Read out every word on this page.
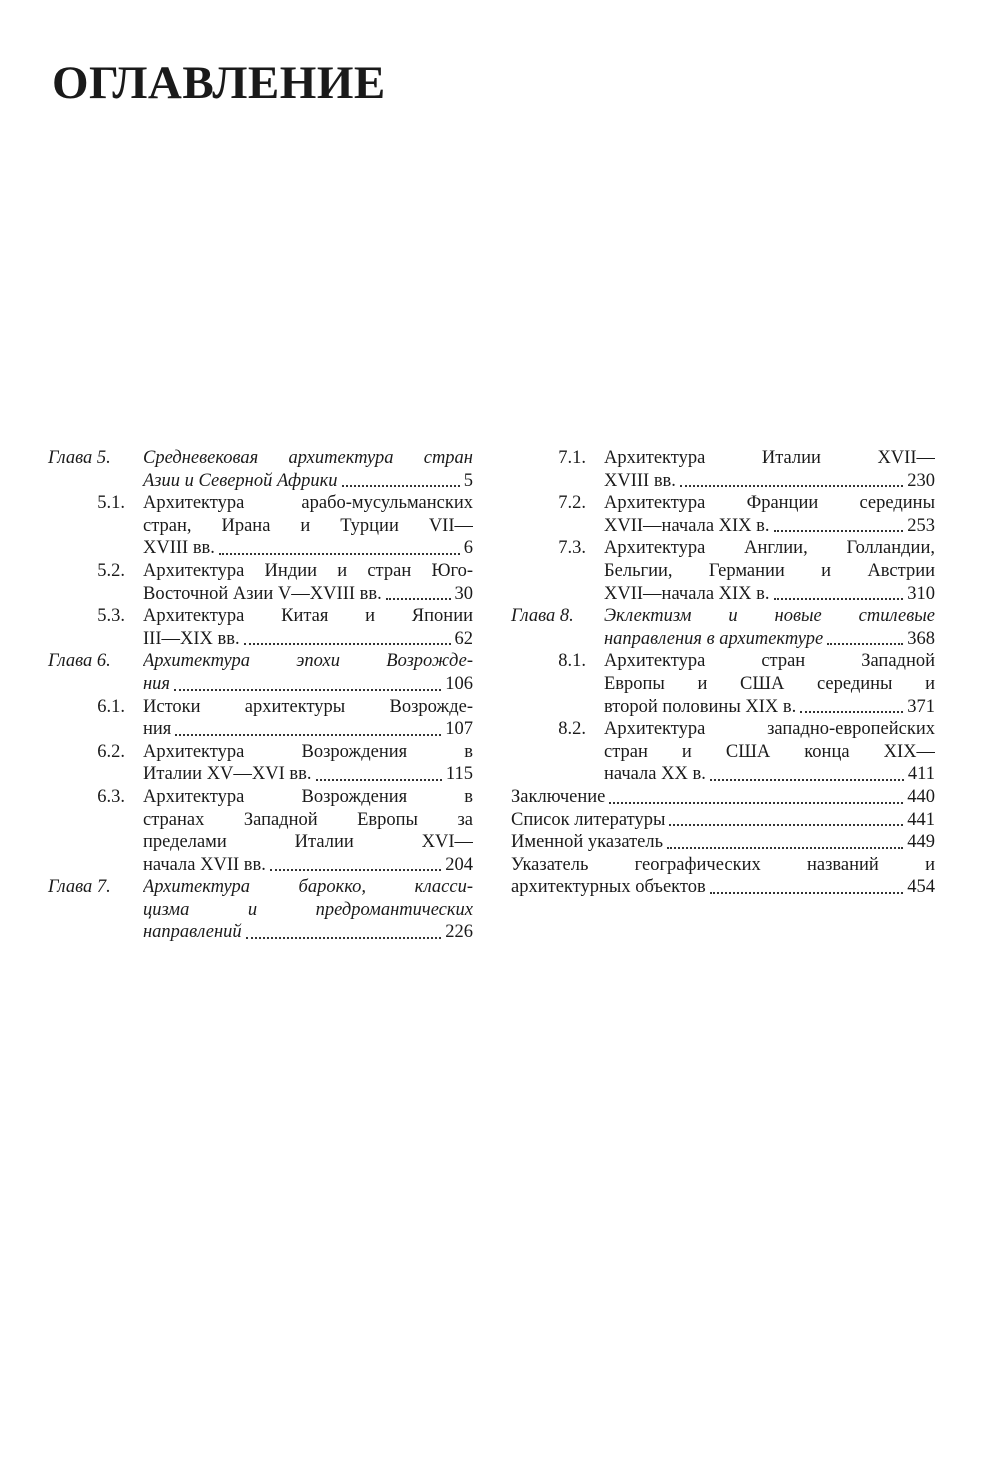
ОГЛАВЛЕНИЕ
Глава 5.	Средневековая архитектура стран
Азии и Северной Африки	5
5.1. Архитектура арабо-мусульманских
стран, Ирана и Турции VII—
XVIII вв.	6
5.2. Архитектура Индии и стран Юго-
Восточной Азии V—XVIII вв.	30
5.3. Архитектура Китая и Японии
III—XIX вв.	62
Глава 6.	Архитектура эпохи Возрожде-
ния	106
6.1. Истоки архитектуры Возрожде-
ния	107
6.2. Архитектура Возрождения в
Италии XV—XVI вв.	115
6.3. Архитектура Возрождения в
странах Западной Европы за
пределами Италии XVI—
начала XVII вв.	204
Глава 7.	Архитектура барокко, класси-
цизма и предромантических
направлений	226
7.1. Архитектура Италии XVII—
XVIII вв.	230
7.2. Архитектура Франции середины
XVII—начала XIX в.	253
7.3. Архитектура Англии, Голландии,
Бельгии, Германии и Австрии
XVII—начала XIX в.	310
Глава 8.	Эклектизм и новые стилевые
направления в архитектуре	368
8.1. Архитектура стран Западной
Европы и США середины и
второй половины XIX в.	371
8.2. Архитектура западно-европейских
стран и США конца XIX—
начала XX в.	411
Заключение	440
Список литературы	441
Именной указатель	449
Указатель географических названий и
архитектурных объектов	454
